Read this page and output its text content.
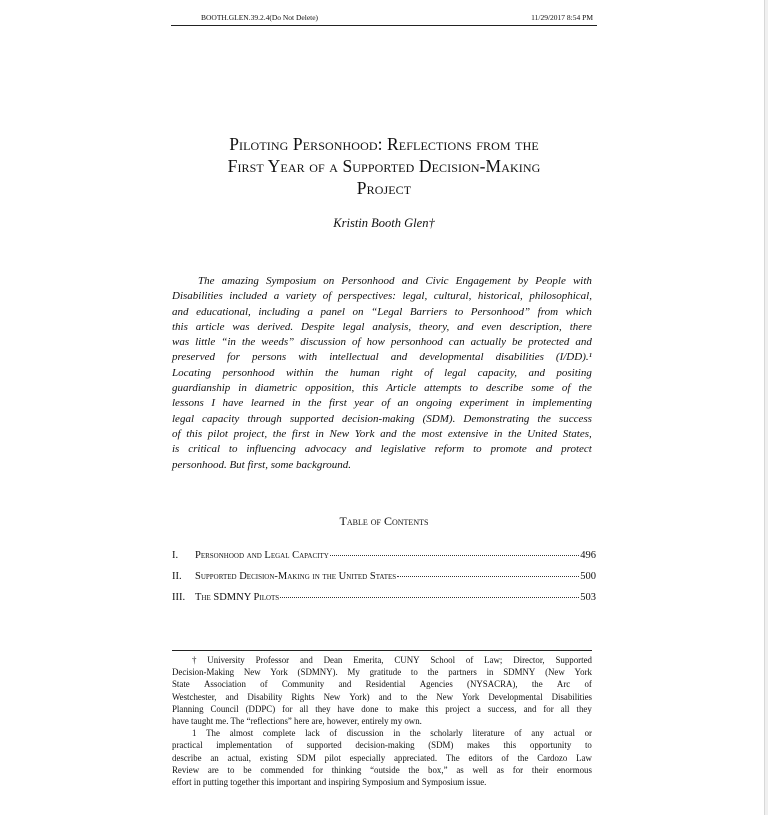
BOOTH.GLEN.39.2.4(Do Not Delete)	11/29/2017 8:54 PM
Piloting Personhood: Reflections from the
First Year of a Supported Decision-Making
Project
Kristin Booth Glen†
The amazing Symposium on Personhood and Civic Engagement by People with
Disabilities included a variety of perspectives: legal, cultural, historical, philosophical,
and educational, including a panel on “Legal Barriers to Personhood” from which
this article was derived. Despite legal analysis, theory, and even description, there
was little “in the weeds” discussion of how personhood can actually be protected and
preserved for persons with intellectual and developmental disabilities (I/DD).¹
Locating personhood within the human right of legal capacity, and positing
guardianship in diametric opposition, this Article attempts to describe some of the
lessons I have learned in the first year of an ongoing experiment in implementing
legal capacity through supported decision-making (SDM). Demonstrating the success
of this pilot project, the first in New York and the most extensive in the United States,
is critical to influencing advocacy and legislative reform to promote and protect
personhood. But first, some background.
Table of Contents
I.	Personhood and Legal Capacity	496
II.	Supported Decision-Making in the United States	500
III. The SDMNY Pilots	503
† University Professor and Dean Emerita, CUNY School of Law; Director, Supported
Decision-Making New York (SDMNY). My gratitude to the partners in SDMNY (New York
State Association of Community and Residential Agencies (NYSACRA), the Arc of
Westchester, and Disability Rights New York) and to the New York Developmental Disabilities
Planning Council (DDPC) for all they have done to make this project a success, and for all they
have taught me. The “reflections” here are, however, entirely my own.
1 The almost complete lack of discussion in the scholarly literature of any actual or
practical implementation of supported decision-making (SDM) makes this opportunity to
describe an actual, existing SDM pilot especially appreciated. The editors of the Cardozo Law
Review are to be commended for thinking “outside the box,” as well as for their enormous
effort in putting together this important and inspiring Symposium and Symposium issue.
